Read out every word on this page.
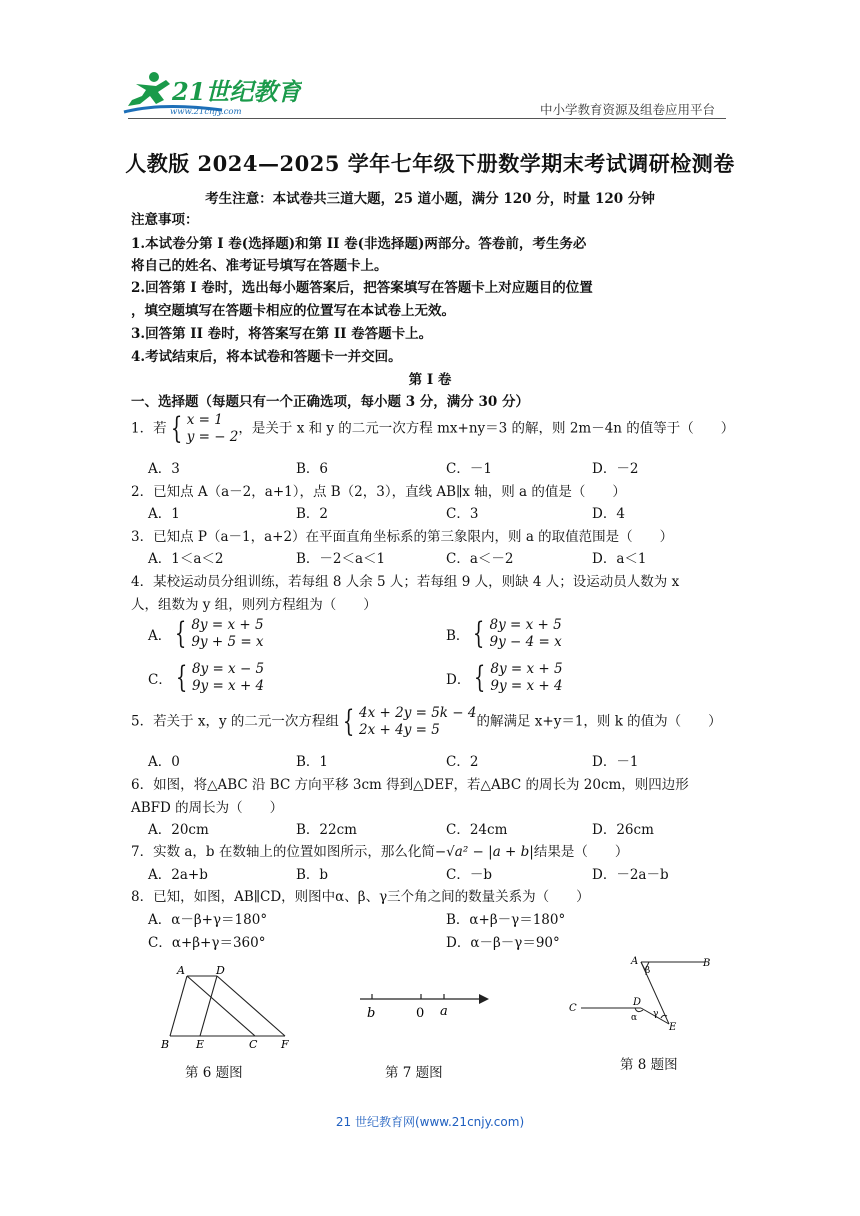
21世纪教育
www.21cnjy.com	中小学教育资源及组卷应用平台
人教版 2024—2025 学年七年级下册数学期末考试调研检测卷
考生注意：本试卷共三道大题，25 道小题，满分 120 分，时量 120 分钟
注意事项：
1.本试卷分第 I 卷(选择题)和第 II 卷(非选择题)两部分。答卷前，考生务必
将自己的姓名、准考证号填写在答题卡上。
2.回答第 I 卷时，选出每小题答案后，把答案填写在答题卡上对应题目的位置
，填空题填写在答题卡相应的位置写在本试卷上无效。
3.回答第 II 卷时，将答案写在第 II 卷答题卡上。
4.考试结束后，将本试卷和答题卡一并交回。
第 I 卷
一、选择题（每题只有一个正确选项，每小题 3 分，满分 30 分）
1．若 { x = 1
y = − 2
，是关于 x 和 y 的二元一次方程 mx+ny＝3 的解，则 2m－4n 的值等于（　　）
A．3	B．6	C．－1	D．－2
2．已知点 A（a－2，a+1），点 B（2，3），直线 AB∥x 轴，则 a 的值是（　　）
A．1	B．2	C．3	D．4
3．已知点 P（a－1，a+2）在平面直角坐标系的第三象限内，则 a 的取值范围是（　　）
A．1＜a＜2	B．－2＜a＜1	C．a＜－2	D．a＜1
4．某校运动员分组训练，若每组 8 人余 5 人；若每组 9 人，则缺 4 人；设运动员人数为 x
人，组数为 y 组，则列方程组为（　　）
A． { 8y = x + 5
9y + 5 = x	B． { 8y = x + 5
9y − 4 = x
C． { 8y = x − 5
9y = x + 4	D． { 8y = x + 5
9y = x + 4
5．若关于 x，y 的二元一次方程组 { 4x + 2y = 5k − 4
2x + 4y = 5
的解满足 x+y＝1，则 k 的值为（　　）
A．0	B．1	C．2	D．－1
6．如图，将△ABC 沿 BC 方向平移 3cm 得到△DEF，若△ABC 的周长为 20cm，则四边形
ABFD 的周长为（　　）
A．20cm	B．22cm	C．24cm	D．26cm
7．实数 a，b 在数轴上的位置如图所示，那么化简−√a² − |a + b|结果是（　　）
A．2a+b	B．b	C．－b	D．－2a－b
8．已知，如图，AB∥CD，则图中α、β、γ三个角之间的数量关系为（　　）
A．α－β+γ＝180°	B．α+β－γ＝180°
C．α+β+γ＝360°	D．α－β－γ＝90°
A	D
B E	C F
第 6 题图
b	0 a
第 7 题图
A
β
B
C
D
α γ
E
第 8 题图
21 世纪教育网(www.21cnjy.com)
